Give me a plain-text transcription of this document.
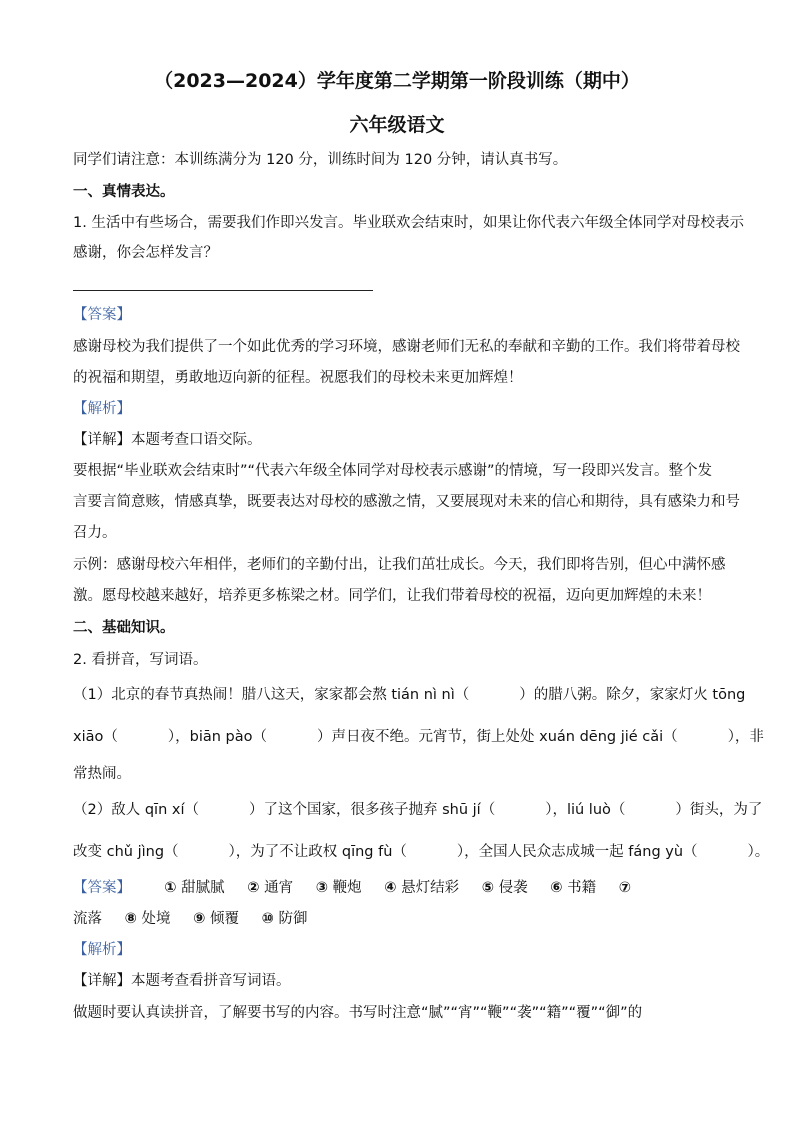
（2023—2024）学年度第二学期第一阶段训练（期中）
六年级语文
同学们请注意：本训练满分为 120 分，训练时间为 120 分钟，请认真书写。
一、真情表达。
1. 生活中有些场合，需要我们作即兴发言。毕业联欢会结束时，如果让你代表六年级全体同学对母校表示
感谢，你会怎样发言？
【答案】
感谢母校为我们提供了一个如此优秀的学习环境，感谢老师们无私的奉献和辛勤的工作。我们将带着母校
的祝福和期望，勇敢地迈向新的征程。祝愿我们的母校未来更加辉煌！
【解析】
【详解】本题考查口语交际。
要根据“毕业联欢会结束时”“代表六年级全体同学对母校表示感谢”的情境，写一段即兴发言。整个发
言要言简意赅，情感真挚，既要表达对母校的感激之情，又要展现对未来的信心和期待，具有感染力和号
召力。
示例：感谢母校六年相伴，老师们的辛勤付出，让我们茁壮成长。今天，我们即将告别，但心中满怀感
激。愿母校越来越好，培养更多栋梁之材。同学们，让我们带着母校的祝福，迈向更加辉煌的未来！
二、基础知识。
2. 看拼音，写词语。
（1）北京的春节真热闹！腊八这天，家家都会熬 tián nì nì（	）的腊八粥。除夕，家家灯火 tōng
xiāo（	），biān pào（	）声日夜不绝。元宵节，街上处处 xuán dēng jié cǎi（	），非
常热闹。
（2）敌人 qīn xí（	）了这个国家，很多孩子抛弃 shū jí（	），liú luò（	）街头，为了
改变 chǔ jìng（	），为了不让政权 qīng fù（	），全国人民众志成城一起 fáng yù（	）。
【答案】 ① 甜腻腻 ② 通宵 ③ 鞭炮 ④ 悬灯结彩 ⑤ 侵袭 ⑥ 书籍 ⑦
流落 ⑧ 处境 ⑨ 倾覆 ⑩ 防御
【解析】
【详解】本题考查看拼音写词语。
做题时要认真读拼音，了解要书写的内容。书写时注意“腻”“宵”“鞭”“袭”“籍”“覆”“御”的
